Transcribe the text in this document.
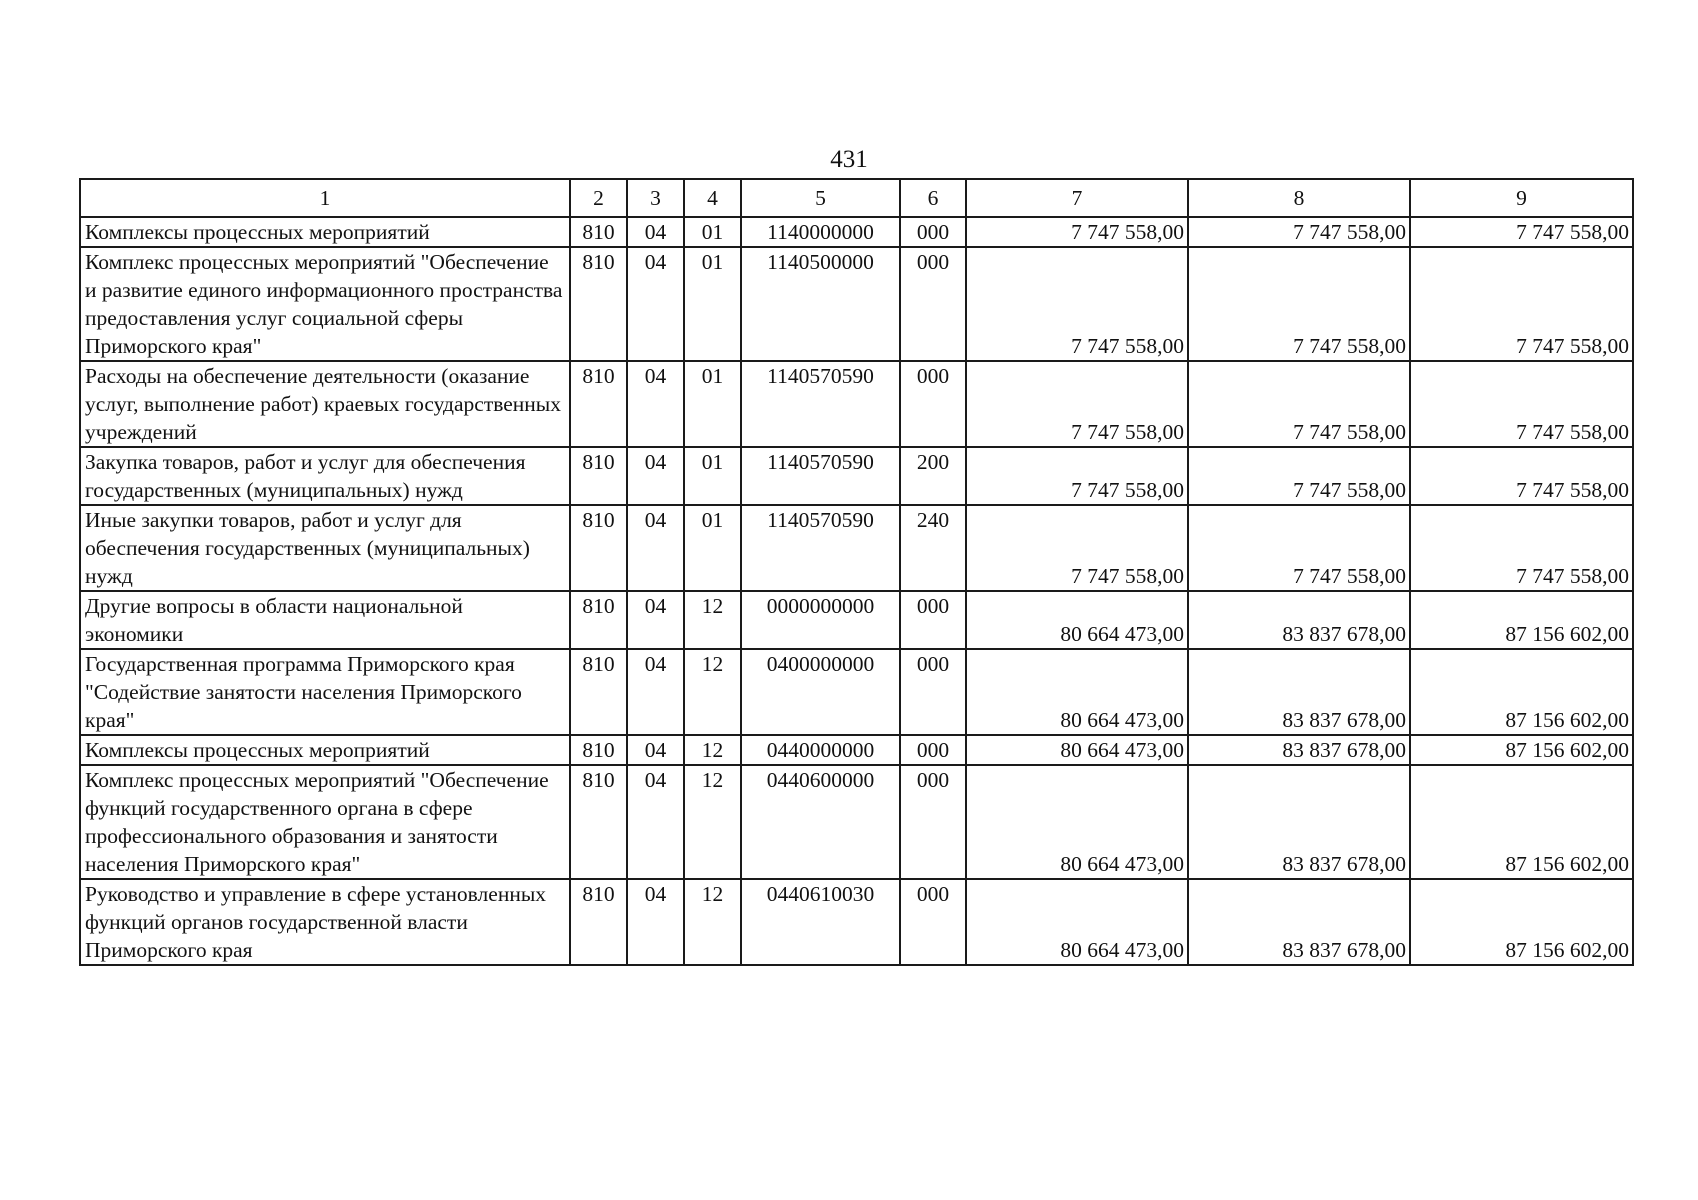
431
1	2	3	4	5	6	7	8	9
Комплексы процессных мероприятий	810	04	01	1140000000	000	7 747 558,00	7 747 558,00	7 747 558,00
Комплекс процессных мероприятий "Обеспечение и развитие единого информационного пространства предоставления услуг социальной сферы Приморского края"	810	04	01	1140500000	000	7 747 558,00	7 747 558,00	7 747 558,00
Расходы на обеспечение деятельности (оказание услуг, выполнение работ) краевых государственных учреждений	810	04	01	1140570590	000	7 747 558,00	7 747 558,00	7 747 558,00
Закупка товаров, работ и услуг для обеспечения государственных (муниципальных) нужд	810	04	01	1140570590	200	7 747 558,00	7 747 558,00	7 747 558,00
Иные закупки товаров, работ и услуг для обеспечения государственных (муниципальных) нужд	810	04	01	1140570590	240	7 747 558,00	7 747 558,00	7 747 558,00
Другие вопросы в области национальной экономики	810	04	12	0000000000	000	80 664 473,00	83 837 678,00	87 156 602,00
Государственная программа Приморского края "Содействие занятости населения Приморского края"	810	04	12	0400000000	000	80 664 473,00	83 837 678,00	87 156 602,00
Комплексы процессных мероприятий	810	04	12	0440000000	000	80 664 473,00	83 837 678,00	87 156 602,00
Комплекс процессных мероприятий "Обеспечение функций государственного органа в сфере профессионального образования и занятости населения Приморского края"	810	04	12	0440600000	000	80 664 473,00	83 837 678,00	87 156 602,00
Руководство и управление в сфере установленных функций органов государственной власти Приморского края	810	04	12	0440610030	000	80 664 473,00	83 837 678,00	87 156 602,00
